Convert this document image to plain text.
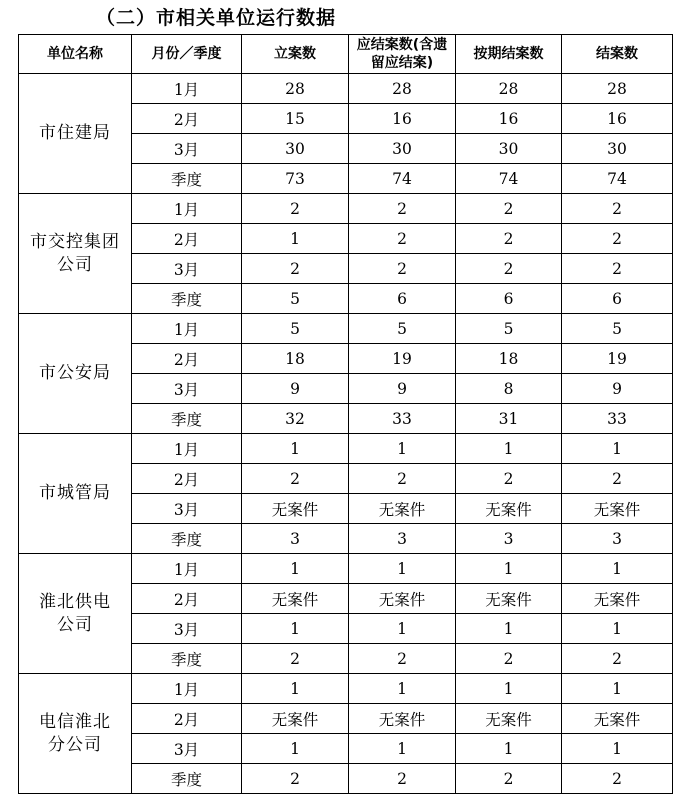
（二）市相关单位运行数据
单位名称	月份／季度	立案数	应结案数(含遗
留应结案)	按期结案数	结案数

市住建局	1月	28	28	28	28
	2月	15	16	16	16
	3月	30	30	30	30
	季度	73	74	74	74

市交控集团
公司	1月	2	2	2	2
	2月	1	2	2	2
	3月	2	2	2	2
	季度	5	6	6	6

市公安局	1月	5	5	5	5
	2月	18	19	18	19
	3月	9	9	8	9
	季度	32	33	31	33

市城管局	1月	1	1	1	1
	2月	2	2	2	2
	3月	无案件	无案件	无案件	无案件
	季度	3	3	3	3

淮北供电
公司	1月	1	1	1	1
	2月	无案件	无案件	无案件	无案件
	3月	1	1	1	1
	季度	2	2	2	2

电信淮北
分公司	1月	1	1	1	1
	2月	无案件	无案件	无案件	无案件
	3月	1	1	1	1
	季度	2	2	2	2
